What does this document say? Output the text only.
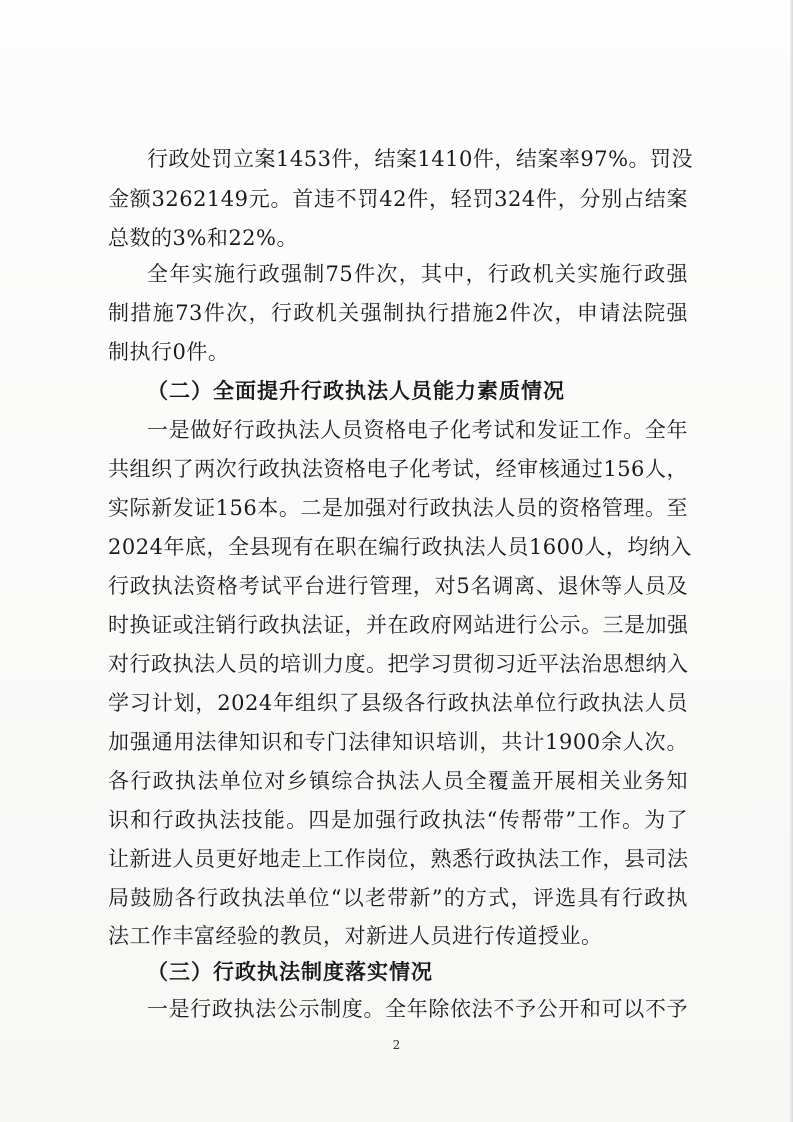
行政处罚立案1453件，结案1410件，结案率97%。罚没
金额3262149元。首违不罚42件，轻罚324件，分别占结案
总数的3%和22%。
全年实施行政强制75件次，其中，行政机关实施行政强
制措施73件次，行政机关强制执行措施2件次，申请法院强
制执行0件。
（二）全面提升行政执法人员能力素质情况
一是做好行政执法人员资格电子化考试和发证工作。全年
共组织了两次行政执法资格电子化考试，经审核通过156人，
实际新发证156本。二是加强对行政执法人员的资格管理。至
2024年底，全县现有在职在编行政执法人员1600人，均纳入
行政执法资格考试平台进行管理，对5名调离、退休等人员及
时换证或注销行政执法证，并在政府网站进行公示。三是加强
对行政执法人员的培训力度。把学习贯彻习近平法治思想纳入
学习计划，2024年组织了县级各行政执法单位行政执法人员
加强通用法律知识和专门法律知识培训，共计1900余人次。
各行政执法单位对乡镇综合执法人员全覆盖开展相关业务知
识和行政执法技能。四是加强行政执法“传帮带”工作。为了
让新进人员更好地走上工作岗位，熟悉行政执法工作，县司法
局鼓励各行政执法单位“以老带新”的方式，评选具有行政执
法工作丰富经验的教员，对新进人员进行传道授业。
（三）行政执法制度落实情况
一是行政执法公示制度。全年除依法不予公开和可以不予
2
